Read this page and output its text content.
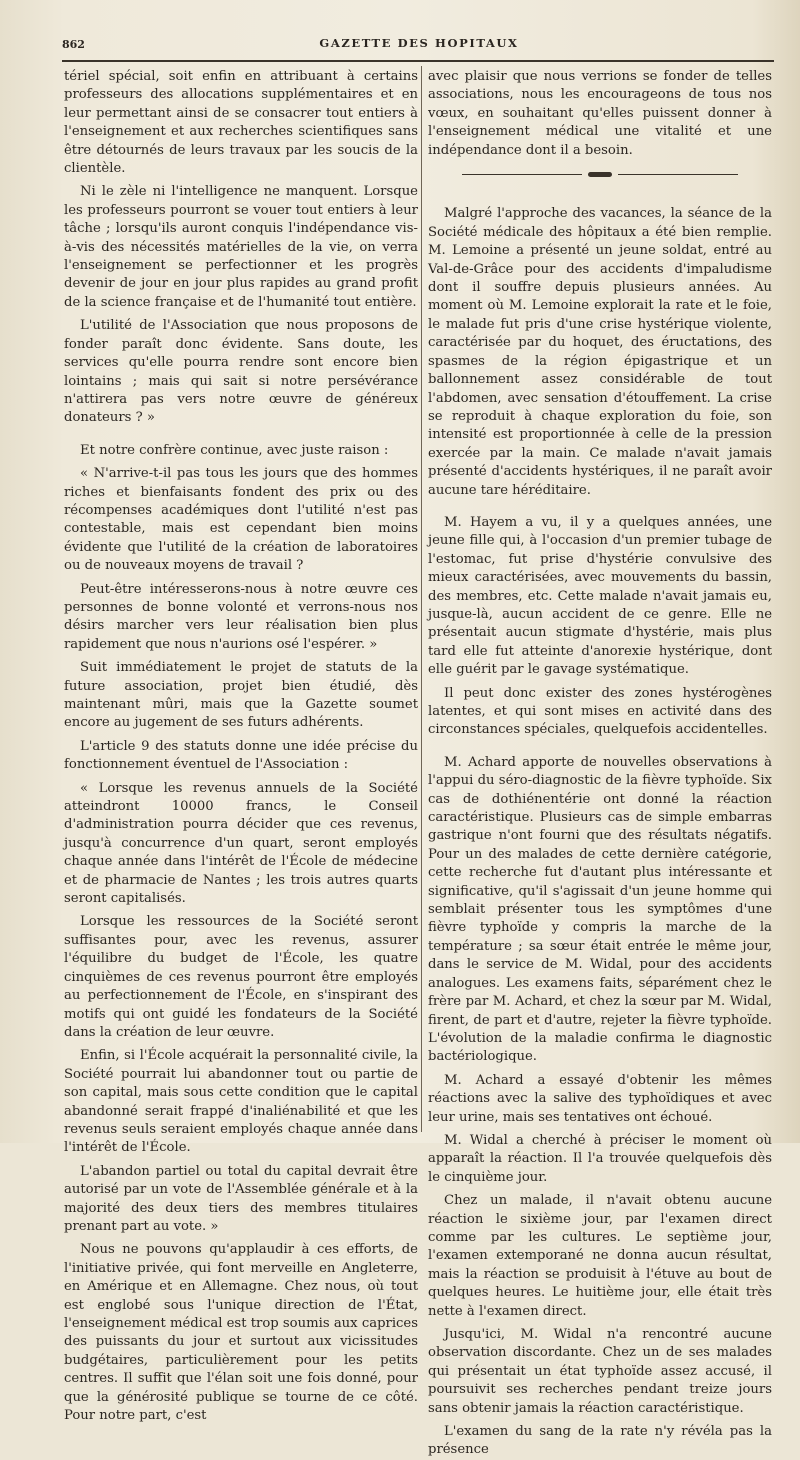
862	GAZETTE DES HOPITAUX

tériel spécial, soit enfin en attribuant à certains professeurs des allocations supplémentaires et en leur permettant ainsi de se consacrer tout entiers à l'enseignement et aux recherches scientifiques sans être détournés de leurs travaux par les soucis de la clientèle.

Ni le zèle ni l'intelligence ne manquent. Lorsque les professeurs pourront se vouer tout entiers à leur tâche ; lorsqu'ils auront conquis l'indépendance vis-à-vis des nécessités matérielles de la vie, on verra l'enseignement se perfectionner et les progrès devenir de jour en jour plus rapides au grand profit de la science française et de l'humanité tout entière.

L'utilité de l'Association que nous proposons de fonder paraît donc évidente. Sans doute, les services qu'elle pourra rendre sont encore bien lointains ; mais qui sait si notre persévérance n'attirera pas vers notre œuvre de généreux donateurs ? »

Et notre confrère continue, avec juste raison :

« N'arrive-t-il pas tous les jours que des hommes riches et bienfaisants fondent des prix ou des récompenses académiques dont l'utilité n'est pas contestable, mais est cependant bien moins évidente que l'utilité de la création de laboratoires ou de nouveaux moyens de travail ?

Peut-être intéresserons-nous à notre œuvre ces personnes de bonne volonté et verrons-nous nos désirs marcher vers leur réalisation bien plus rapidement que nous n'aurions osé l'espérer. »

Suit immédiatement le projet de statuts de la future association, projet bien étudié, dès maintenant mûri, mais que la Gazette soumet encore au jugement de ses futurs adhérents.

L'article 9 des statuts donne une idée précise du fonctionnement éventuel de l'Association :

« Lorsque les revenus annuels de la Société atteindront 10000 francs, le Conseil d'administration pourra décider que ces revenus, jusqu'à concurrence d'un quart, seront employés chaque année dans l'intérêt de l'École de médecine et de pharmacie de Nantes ; les trois autres quarts seront capitalisés.

Lorsque les ressources de la Société seront suffisantes pour, avec les revenus, assurer l'équilibre du budget de l'École, les quatre cinquièmes de ces revenus pourront être employés au perfectionnement de l'École, en s'inspirant des motifs qui ont guidé les fondateurs de la Société dans la création de leur œuvre.

Enfin, si l'École acquérait la personnalité civile, la Société pourrait lui abandonner tout ou partie de son capital, mais sous cette condition que le capital abandonné serait frappé d'inaliénabilité et que les revenus seuls seraient employés chaque année dans l'intérêt de l'École.

L'abandon partiel ou total du capital devrait être autorisé par un vote de l'Assemblée générale et à la majorité des deux tiers des membres titulaires prenant part au vote. »

Nous ne pouvons qu'applaudir à ces efforts, de l'initiative privée, qui font merveille en Angleterre, en Amérique et en Allemagne. Chez nous, où tout est englobé sous l'unique direction de l'État, l'enseignement médical est trop soumis aux caprices des puissants du jour et surtout aux vicissitudes budgétaires, particulièrement pour les petits centres. Il suffit que l'élan soit une fois donné, pour que la générosité publique se tourne de ce côté. Pour notre part, c'est

avec plaisir que nous verrions se fonder de telles associations, nous les encourageons de tous nos vœux, en souhaitant qu'elles puissent donner à l'enseignement médical une vitalité et une indépendance dont il a besoin.

Malgré l'approche des vacances, la séance de la Société médicale des hôpitaux a été bien remplie. M. Lemoine a présenté un jeune soldat, entré au Val-de-Grâce pour des accidents d'impaludisme dont il souffre depuis plusieurs années. Au moment où M. Lemoine explorait la rate et le foie, le malade fut pris d'une crise hystérique violente, caractérisée par du hoquet, des éructations, des spasmes de la région épigastrique et un ballonnement assez considérable de tout l'abdomen, avec sensation d'étouffement. La crise se reproduit à chaque exploration du foie, son intensité est proportionnée à celle de la pression exercée par la main. Ce malade n'avait jamais présenté d'accidents hystériques, il ne paraît avoir aucune tare héréditaire.

M. Hayem a vu, il y a quelques années, une jeune fille qui, à l'occasion d'un premier tubage de l'estomac, fut prise d'hystérie convulsive des mieux caractérisées, avec mouvements du bassin, des membres, etc. Cette malade n'avait jamais eu, jusque-là, aucun accident de ce genre. Elle ne présentait aucun stigmate d'hystérie, mais plus tard elle fut atteinte d'anorexie hystérique, dont elle guérit par le gavage systématique.

Il peut donc exister des zones hystérogènes latentes, et qui sont mises en activité dans des circonstances spéciales, quelquefois accidentelles.

M. Achard apporte de nouvelles observations à l'appui du séro-diagnostic de la fièvre typhoïde. Six cas de dothiénentérie ont donné la réaction caractéristique. Plusieurs cas de simple embarras gastrique n'ont fourni que des résultats négatifs. Pour un des malades de cette dernière catégorie, cette recherche fut d'autant plus intéressante et significative, qu'il s'agissait d'un jeune homme qui semblait présenter tous les symptômes d'une fièvre typhoïde y compris la marche de la température ; sa sœur était entrée le même jour, dans le service de M. Widal, pour des accidents analogues. Les examens faits, séparément chez le frère par M. Achard, et chez la sœur par M. Widal, firent, de part et d'autre, rejeter la fièvre typhoïde. L'évolution de la maladie confirma le diagnostic bactériologique.

M. Achard a essayé d'obtenir les mêmes réactions avec la salive des typhoïdiques et avec leur urine, mais ses tentatives ont échoué.

M. Widal a cherché à préciser le moment où apparaît la réaction. Il l'a trouvée quelquefois dès le cinquième jour.

Chez un malade, il n'avait obtenu aucune réaction le sixième jour, par l'examen direct comme par les cultures. Le septième jour, l'examen extemporané ne donna aucun résultat, mais la réaction se produisit à l'étuve au bout de quelques heures. Le huitième jour, elle était très nette à l'examen direct.

Jusqu'ici, M. Widal n'a rencontré aucune observation discordante. Chez un de ses malades qui présentait un état typhoïde assez accusé, il poursuivit ses recherches pendant treize jours sans obtenir jamais la réaction caractéristique.

L'examen du sang de la rate n'y révéla pas la présence
